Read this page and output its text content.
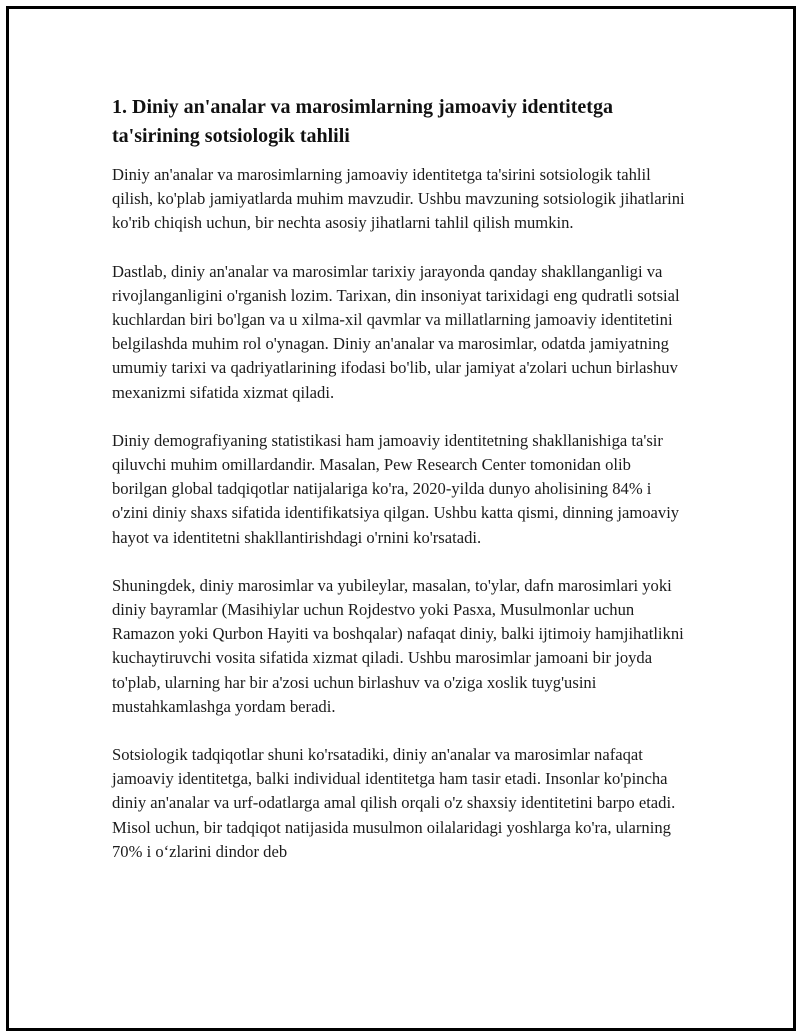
1. Diniy an'analar va marosimlarning jamoaviy identitetga ta'sirining sotsiologik tahlili

Diniy an'analar va marosimlarning jamoaviy identitetga ta'sirini sotsiologik tahlil qilish, ko'plab jamiyatlarda muhim mavzudir. Ushbu mavzuning sotsiologik jihatlarini ko'rib chiqish uchun, bir nechta asosiy jihatlarni tahlil qilish mumkin.

Dastlab, diniy an'analar va marosimlar tarixiy jarayonda qanday shakllanganligi va rivojlanganligini o'rganish lozim. Tarixan, din insoniyat tarixidagi eng qudratli sotsial kuchlardan biri bo'lgan va u xilma-xil qavmlar va millatlarning jamoaviy identitetini belgilashda muhim rol o'ynagan. Diniy an'analar va marosimlar, odatda jamiyatning umumiy tarixi va qadriyatlarining ifodasi bo'lib, ular jamiyat a'zolari uchun birlashuv mexanizmi sifatida xizmat qiladi.

Diniy demografiyaning statistikasi ham jamoaviy identitetning shakllanishiga ta'sir qiluvchi muhim omillardandir. Masalan, Pew Research Center tomonidan olib borilgan global tadqiqotlar natijalariga ko'ra, 2020-yilda dunyo aholisining 84% i o'zini diniy shaxs sifatida identifikatsiya qilgan. Ushbu katta qismi, dinning jamoaviy hayot va identitetni shakllantirishdagi o'rnini ko'rsatadi.

Shuningdek, diniy marosimlar va yubileylar, masalan, to'ylar, dafn marosimlari yoki diniy bayramlar (Masihiylar uchun Rojdestvo yoki Pasxa, Musulmonlar uchun Ramazon yoki Qurbon Hayiti va boshqalar) nafaqat diniy, balki ijtimoiy hamjihatlikni kuchaytiruvchi vosita sifatida xizmat qiladi. Ushbu marosimlar jamoani bir joyda to'plab, ularning har bir a'zosi uchun birlashuv va o'ziga xoslik tuyg'usini mustahkamlashga yordam beradi.

Sotsiologik tadqiqotlar shuni ko'rsatadiki, diniy an'analar va marosimlar nafaqat jamoaviy identitetga, balki individual identitetga ham tasir etadi. Insonlar ko'pincha diniy an'analar va urf-odatlarga amal qilish orqali o'z shaxsiy identitetini barpo etadi. Misol uchun, bir tadqiqot natijasida musulmon oilalaridagi yoshlarga ko'ra, ularning 70% i o‘zlarini dindor deb
